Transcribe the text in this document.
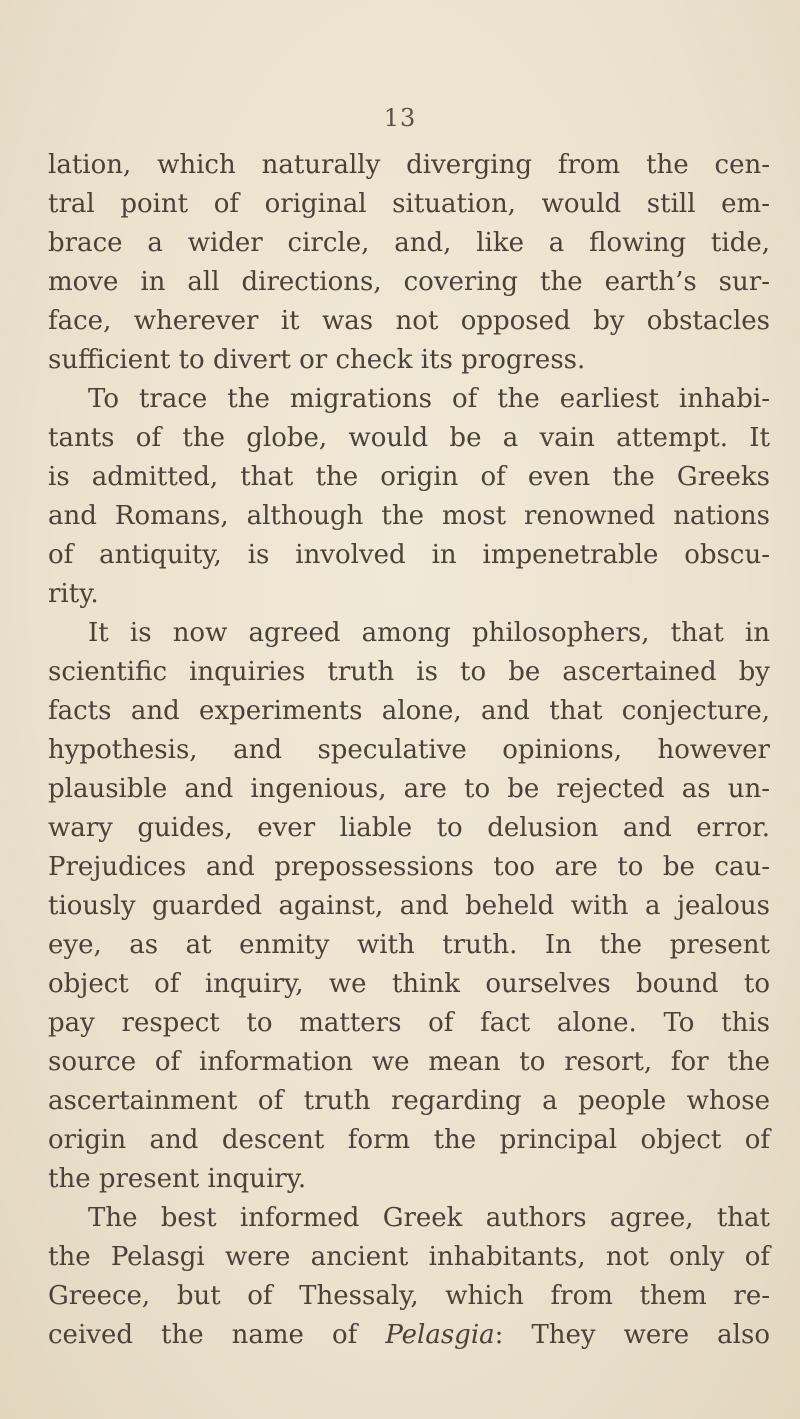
13
lation, which naturally diverging from the cen-
tral point of original situation, would still em-
brace a wider circle, and, like a flowing tide,
move in all directions, covering the earth’s sur-
face, wherever it was not opposed by obstacles
sufficient to divert or check its progress.
To trace the migrations of the earliest inhabi-
tants of the globe, would be a vain attempt. It
is admitted, that the origin of even the Greeks
and Romans, although the most renowned nations
of antiquity, is involved in impenetrable obscu-
rity.
It is now agreed among philosophers, that in
scientific inquiries truth is to be ascertained by
facts and experiments alone, and that conjecture,
hypothesis, and speculative opinions, however
plausible and ingenious, are to be rejected as un-
wary guides, ever liable to delusion and error.
Prejudices and prepossessions too are to be cau-
tiously guarded against, and beheld with a jealous
eye, as at enmity with truth. In the present
object of inquiry, we think ourselves bound to
pay respect to matters of fact alone. To this
source of information we mean to resort, for the
ascertainment of truth regarding a people whose
origin and descent form the principal object of
the present inquiry.
The best informed Greek authors agree, that
the Pelasgi were ancient inhabitants, not only of
Greece, but of Thessaly, which from them re-
ceived the name of Pelasgia: They were also
